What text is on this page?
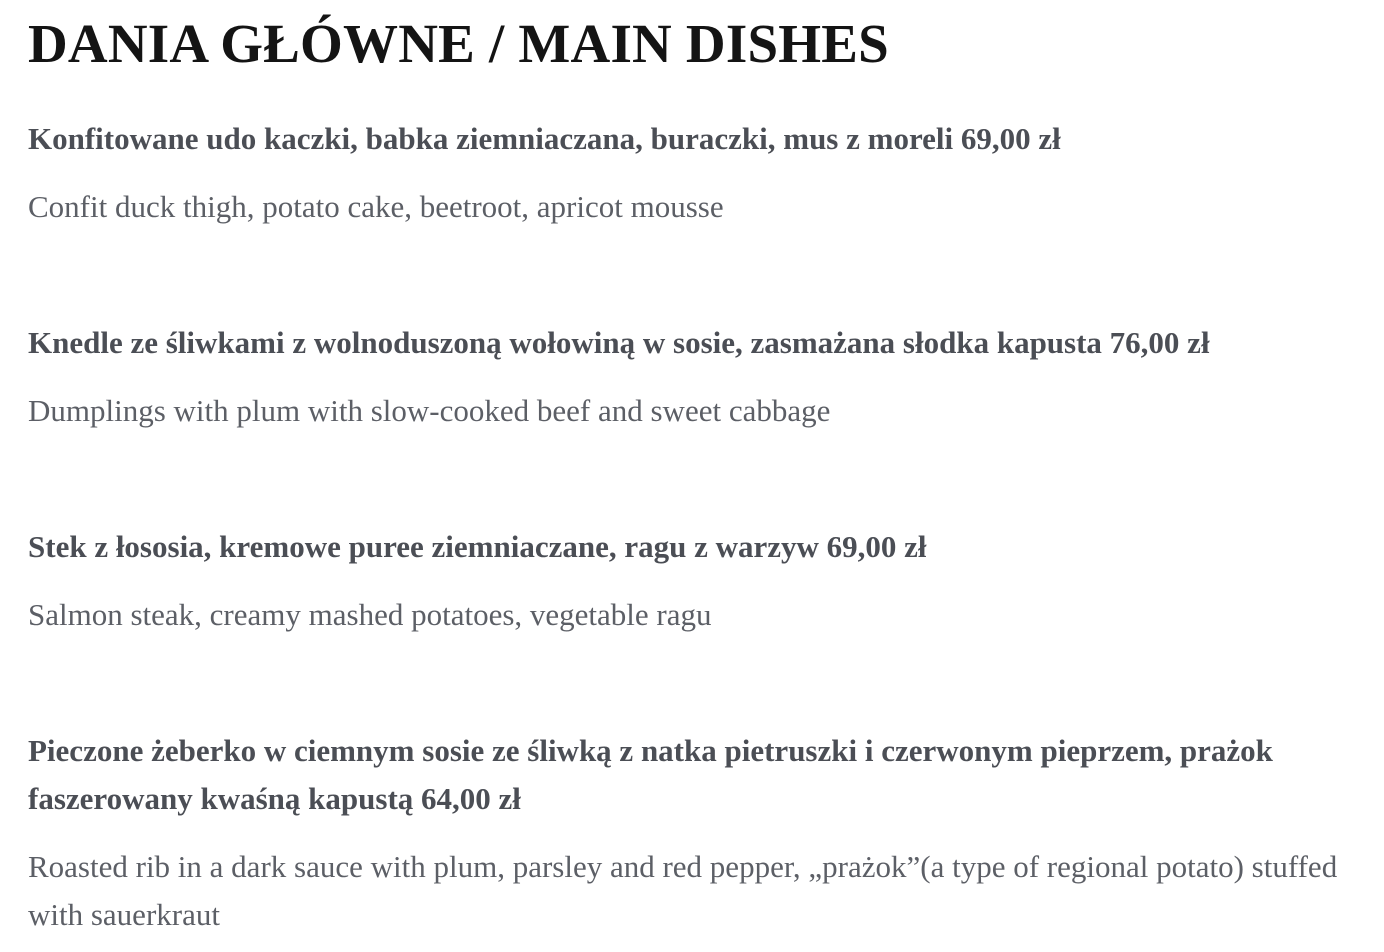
DANIA GŁÓWNE / MAIN DISHES

Konfitowane udo kaczki, babka ziemniaczana, buraczki, mus z moreli 69,00 zł

Confit duck thigh, potato cake, beetroot, apricot mousse

Knedle ze śliwkami z wolnoduszoną wołowiną w sosie, zasmażana słodka kapusta 76,00 zł

Dumplings with plum with slow-cooked beef and sweet cabbage

Stek z łososia, kremowe puree ziemniaczane, ragu z warzyw 69,00 zł

Salmon steak, creamy mashed potatoes, vegetable ragu

Pieczone żeberko w ciemnym sosie ze śliwką z natka pietruszki i czerwonym pieprzem, prażok faszerowany kwaśną kapustą 64,00 zł

Roasted rib in a dark sauce with plum, parsley and red pepper, „prażok”(a type of regional potato) stuffed with sauerkraut
